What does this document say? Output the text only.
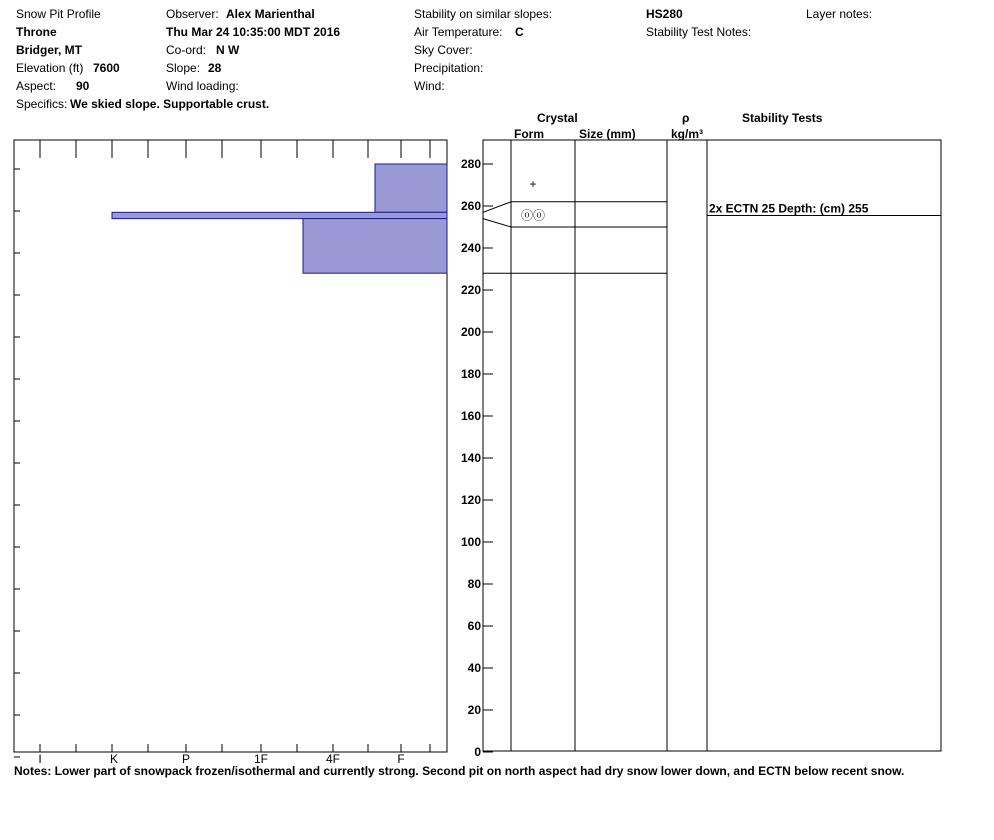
Snow Pit Profile
Throne
Bridger, MT
Elevation (ft) 7600
Aspect: 90
Specifics: We skied slope. Supportable crust.
Observer: Alex Marienthal
Thu Mar 24 10:35:00 MDT 2016
Co-ord: N W
Slope: 28
Wind loading:
Stability on similar slopes:
Air Temperature: C
Sky Cover:
Precipitation:
Wind:
HS280
Stability Test Notes:
Layer notes:
Crystal
Form	Size (mm)
ρ
kg/m³
Stability Tests
I	K	P	1F	4F	F	0
20
40
60
80
100
120
140
160
180
200
220
240
260
280
+
ⓞⓞ	2x ECTN 25 Depth: (cm) 255
Notes: Lower part of snowpack frozen/isothermal and currently strong. Second pit on north aspect had dry snow lower down, and ECTN below recent snow.
